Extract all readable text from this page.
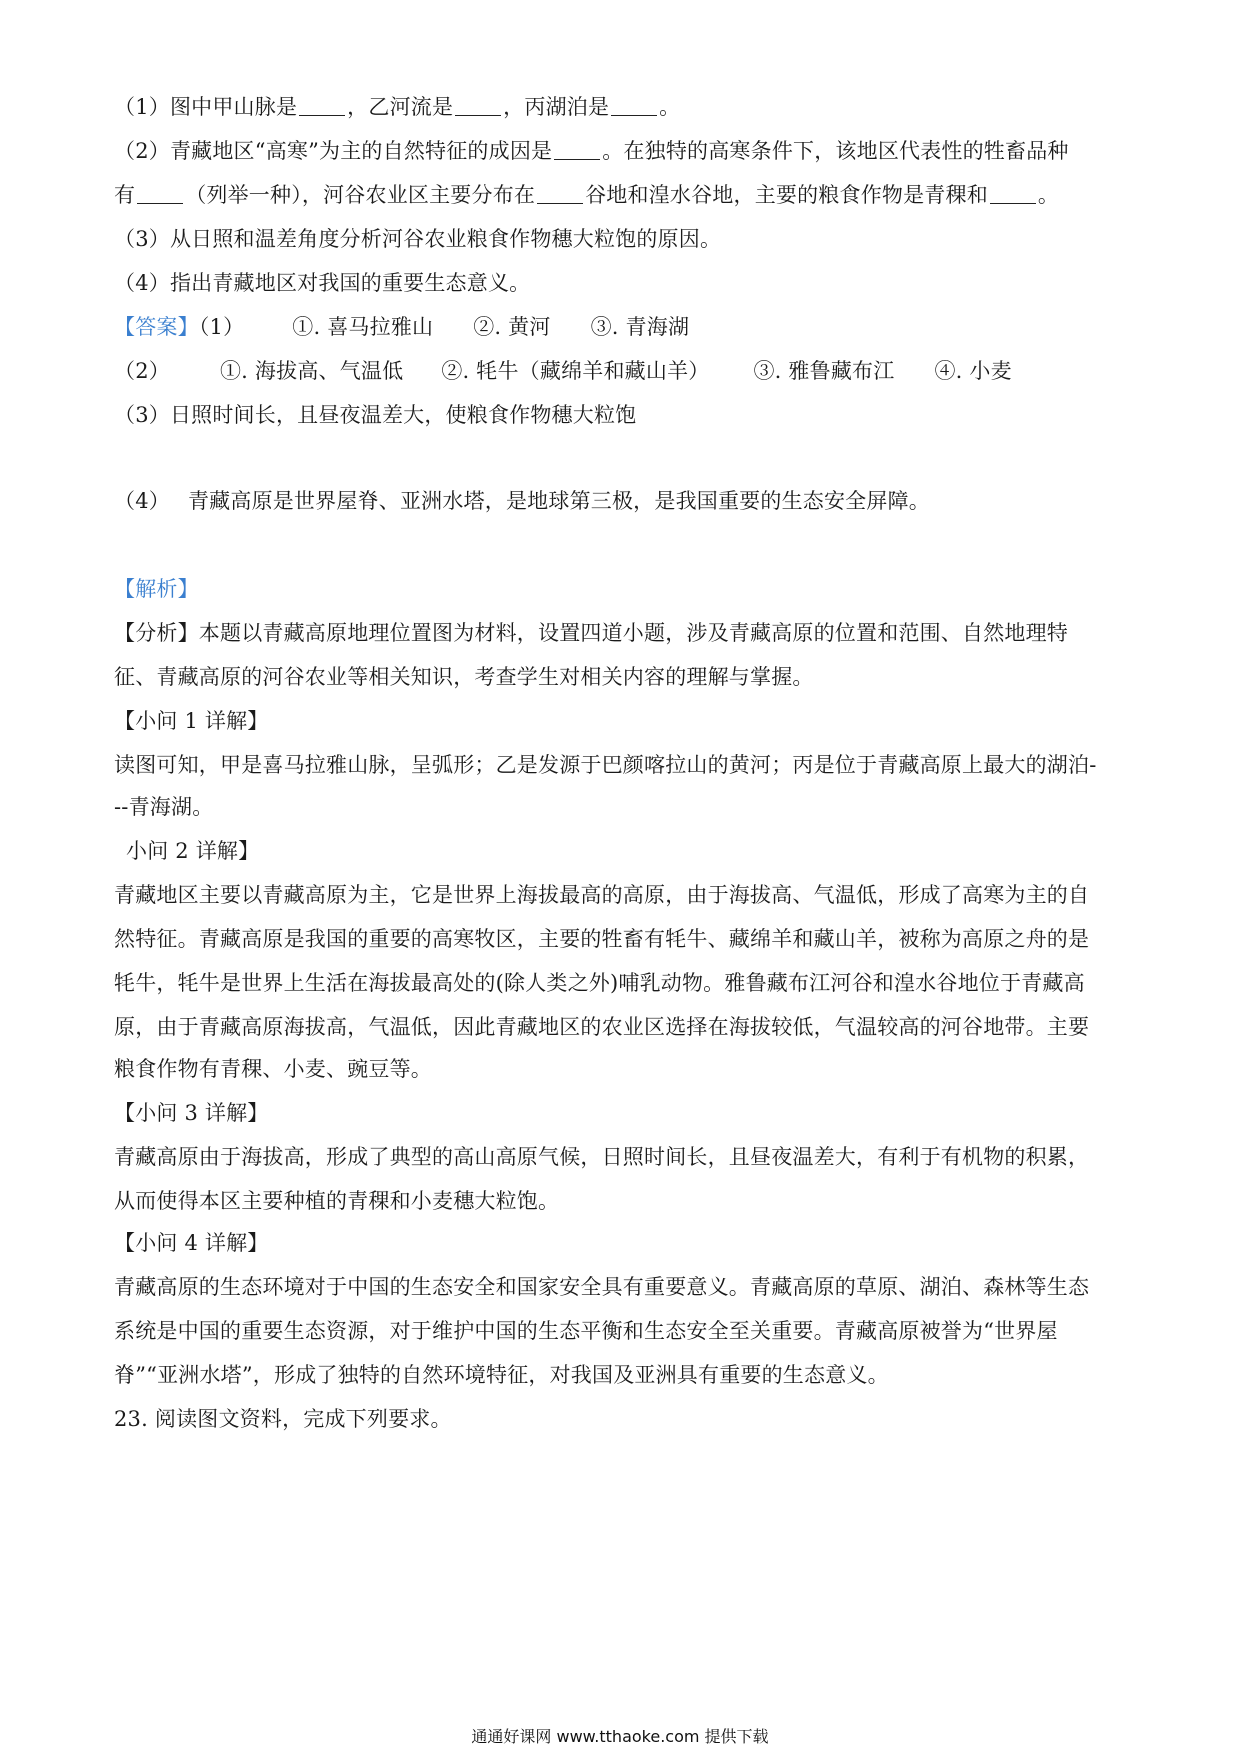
（1）图中甲山脉是 ，乙河流是 ，丙湖泊是 。
（2）青藏地区“高寒”为主的自然特征的成因是 。在独特的高寒条件下，该地区代表性的牲畜品种
有 （列举一种），河谷农业区主要分布在 谷地和湟水谷地，主要的粮食作物是青稞和 。
（3）从日照和温差角度分析河谷农业粮食作物穗大粒饱的原因。
（4）指出青藏地区对我国的重要生态意义。
【答案】（1） ①. 喜马拉雅山 ②. 黄河 ③. 青海湖
（2） ①. 海拔高、气温低 ②. 牦牛（藏绵羊和藏山羊） ③. 雅鲁藏布江 ④. 小麦
（3）日照时间长，且昼夜温差大，使粮食作物穗大粒饱
（4） 青藏高原是世界屋脊、亚洲水塔，是地球第三极，是我国重要的生态安全屏障。
【解析】
【分析】本题以青藏高原地理位置图为材料，设置四道小题，涉及青藏高原的位置和范围、自然地理特
征、青藏高原的河谷农业等相关知识，考查学生对相关内容的理解与掌握。
【小问 1 详解】
读图可知，甲是喜马拉雅山脉，呈弧形；乙是发源于巴颜喀拉山的黄河；丙是位于青藏高原上最大的湖泊-
--青海湖。
小问 2 详解】
青藏地区主要以青藏高原为主，它是世界上海拔最高的高原，由于海拔高、气温低，形成了高寒为主的自
然特征。青藏高原是我国的重要的高寒牧区，主要的牲畜有牦牛、藏绵羊和藏山羊，被称为高原之舟的是
牦牛，牦牛是世界上生活在海拔最高处的(除人类之外)哺乳动物。雅鲁藏布江河谷和湟水谷地位于青藏高
原，由于青藏高原海拔高，气温低，因此青藏地区的农业区选择在海拔较低，气温较高的河谷地带。主要
粮食作物有青稞、小麦、豌豆等。
【小问 3 详解】
青藏高原由于海拔高，形成了典型的高山高原气候，日照时间长，且昼夜温差大，有利于有机物的积累，
从而使得本区主要种植的青稞和小麦穗大粒饱。
【小问 4 详解】
青藏高原的生态环境对于中国的生态安全和国家安全具有重要意义。青藏高原的草原、湖泊、森林等生态
系统是中国的重要生态资源，对于维护中国的生态平衡和生态安全至关重要。青藏高原被誉为“世界屋
脊”“亚洲水塔”，形成了独特的自然环境特征，对我国及亚洲具有重要的生态意义。
23. 阅读图文资料，完成下列要求。
通通好课网 www.tthaoke.com 提供下载
